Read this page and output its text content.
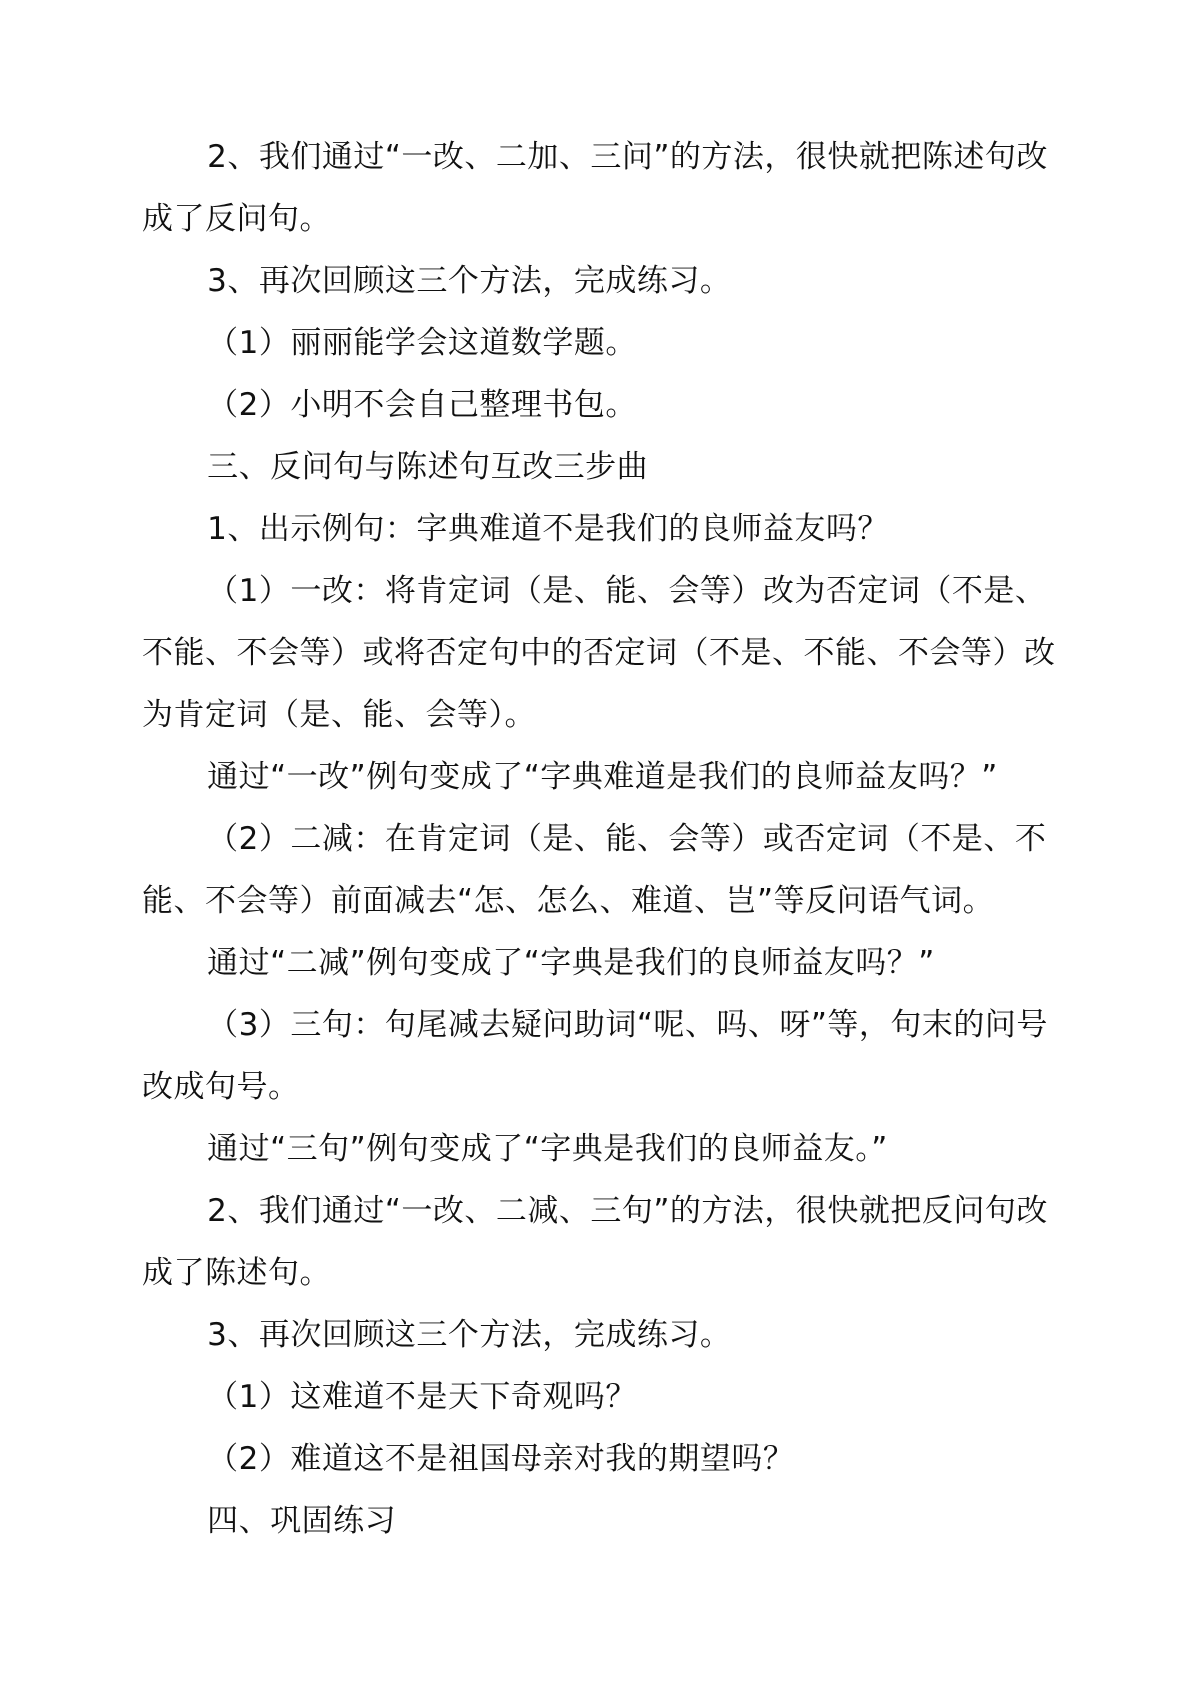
2、我们通过“一改、二加、三问”的方法，很快就把陈述句改成了反问句。

3、再次回顾这三个方法，完成练习。

（1）丽丽能学会这道数学题。

（2）小明不会自己整理书包。

三、反问句与陈述句互改三步曲

1、出示例句：字典难道不是我们的良师益友吗？

（1）一改：将肯定词（是、能、会等）改为否定词（不是、不能、不会等）或将否定句中的否定词（不是、不能、不会等）改为肯定词（是、能、会等）。

通过“一改”例句变成了“字典难道是我们的良师益友吗？”

（2）二减：在肯定词（是、能、会等）或否定词（不是、不能、不会等）前面减去“怎、怎么、难道、岂”等反问语气词。

通过“二减”例句变成了“字典是我们的良师益友吗？”

（3）三句：句尾减去疑问助词“呢、吗、呀”等，句末的问号改成句号。

通过“三句”例句变成了“字典是我们的良师益友。”

2、我们通过“一改、二减、三句”的方法，很快就把反问句改成了陈述句。

3、再次回顾这三个方法，完成练习。

（1）这难道不是天下奇观吗？

（2）难道这不是祖国母亲对我的期望吗？

四、巩固练习
